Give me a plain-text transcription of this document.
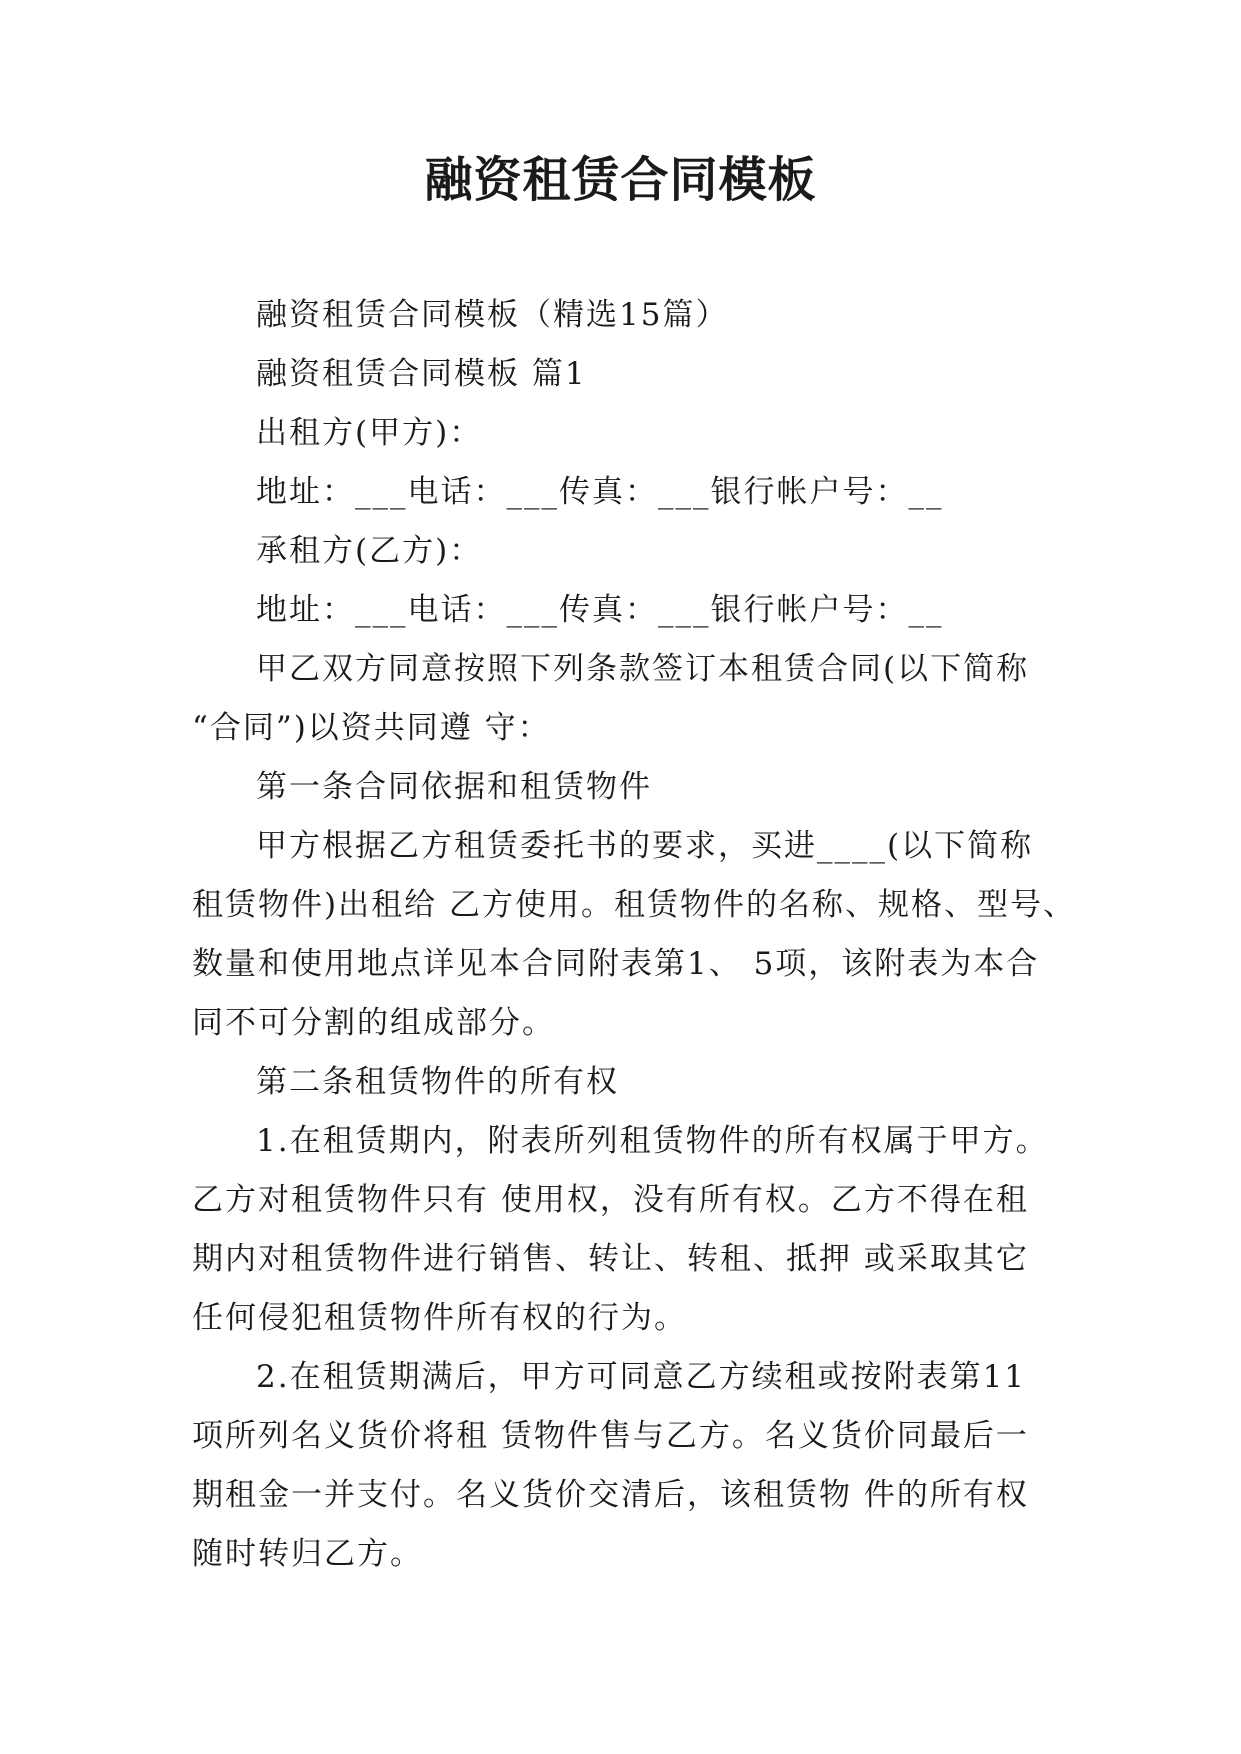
融资租赁合同模板
融资租赁合同模板（精选15篇）
融资租赁合同模板 篇1
出租方(甲方)：
地址：___电话：___传真：___银行帐户号：__
承租方(乙方)：
地址：___电话：___传真：___银行帐户号：__
甲乙双方同意按照下列条款签订本租赁合同(以下简称
“合同”)以资共同遵 守：
第一条合同依据和租赁物件
甲方根据乙方租赁委托书的要求，买进____(以下简称
租赁物件)出租给 乙方使用。租赁物件的名称、规格、型号、
数量和使用地点详见本合同附表第1、 5项，该附表为本合
同不可分割的组成部分。
第二条租赁物件的所有权
1.在租赁期内，附表所列租赁物件的所有权属于甲方。
乙方对租赁物件只有 使用权，没有所有权。乙方不得在租
期内对租赁物件进行销售、转让、转租、抵押 或采取其它
任何侵犯租赁物件所有权的行为。
2.在租赁期满后，甲方可同意乙方续租或按附表第11
项所列名义货价将租 赁物件售与乙方。名义货价同最后一
期租金一并支付。名义货价交清后，该租赁物 件的所有权
随时转归乙方。
